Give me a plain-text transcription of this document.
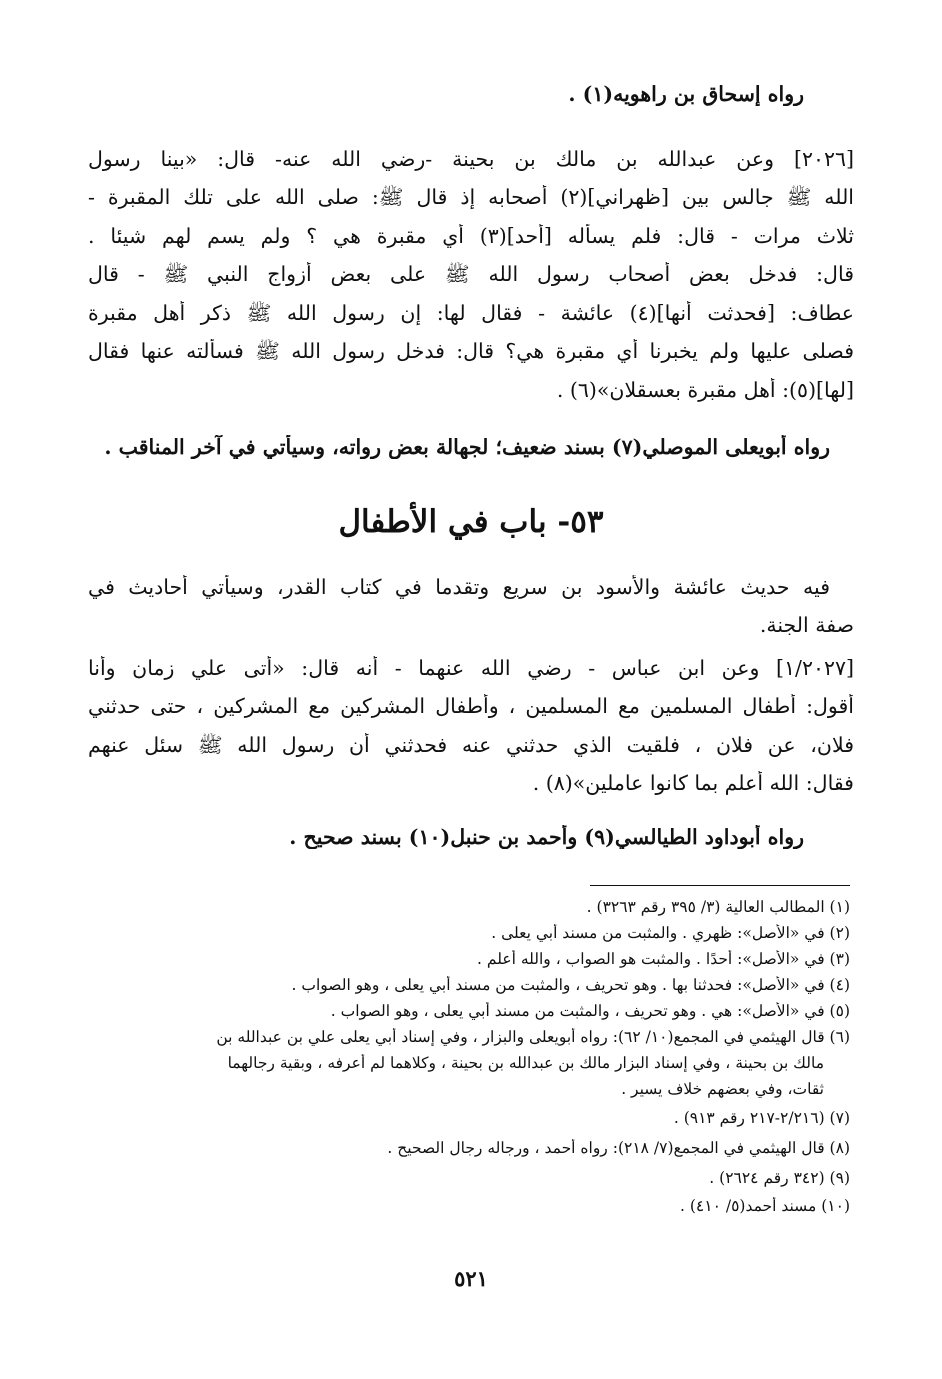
رواه إسحاق بن راهويه(١) .
[٢٠٢٦] وعن عبدالله بن مالك بن بحينة -رضي الله عنه- قال: «بينا رسول
الله ﷺ جالس بين [ظهراني](٢) أصحابه إذ قال ﷺ: صلى الله على تلك المقبرة -
ثلاث مرات - قال: فلم يسأله [أحد](٣) أي مقبرة هي ؟ ولم يسم لهم شيئا .
قال: فدخل بعض أصحاب رسول الله ﷺ على بعض أزواج النبي ﷺ - قال
عطاف: [فحدثت أنها](٤) عائشة - فقال لها: إن رسول الله ﷺ ذكر أهل مقبرة
فصلى عليها ولم يخبرنا أي مقبرة هي؟ قال: فدخل رسول الله ﷺ فسألته عنها فقال
[لها](٥): أهل مقبرة بعسقلان»(٦) .
رواه أبويعلى الموصلي(٧) بسند ضعيف؛ لجهالة بعض رواته، وسيأتي في آخر المناقب .
٥٣- باب في الأطفال
فيه حديث عائشة والأسود بن سريع وتقدما في كتاب القدر، وسيأتي أحاديث في
صفة الجنة.
[١/٢٠٢٧] وعن ابن عباس - رضي الله عنهما - أنه قال: «أتى علي زمان وأنا
أقول: أطفال المسلمين مع المسلمين ، وأطفال المشركين مع المشركين ، حتى حدثني
فلان، عن فلان ، فلقيت الذي حدثني عنه فحدثني أن رسول الله ﷺ سئل عنهم
فقال: الله أعلم بما كانوا عاملين»(٨) .
رواه أبوداود الطيالسي(٩) وأحمد بن حنبل(١٠) بسند صحيح .
(١) المطالب العالية (٣/ ٣٩٥ رقم ٣٢٦٣) .
(٢) في «الأصل»: ظهري . والمثبت من مسند أبي يعلى .
(٣) في «الأصل»: أحدًا . والمثبت هو الصواب ، والله أعلم .
(٤) في «الأصل»: فحدثنا بها . وهو تحريف ، والمثبت من مسند أبي يعلى ، وهو الصواب .
(٥) في «الأصل»: هي . وهو تحريف ، والمثبت من مسند أبي يعلى ، وهو الصواب .
(٦) قال الهيثمي في المجمع(١٠/ ٦٢): رواه أبويعلى والبزار ، وفي إسناد أبي يعلى علي بن عبدالله بن
مالك بن بحينة ، وفي إسناد البزار مالك بن عبدالله بن بحينة ، وكلاهما لم أعرفه ، وبقية رجالهما
ثقات، وفي بعضهم خلاف يسير .
(٧) (٢/٢١٦-٢١٧ رقم ٩١٣) .
(٨) قال الهيثمي في المجمع(٧/ ٢١٨): رواه أحمد ، ورجاله رجال الصحيح .
(٩) (٣٤٢ رقم ٢٦٢٤) .
(١٠) مسند أحمد(٥/ ٤١٠) .
٥٢١
